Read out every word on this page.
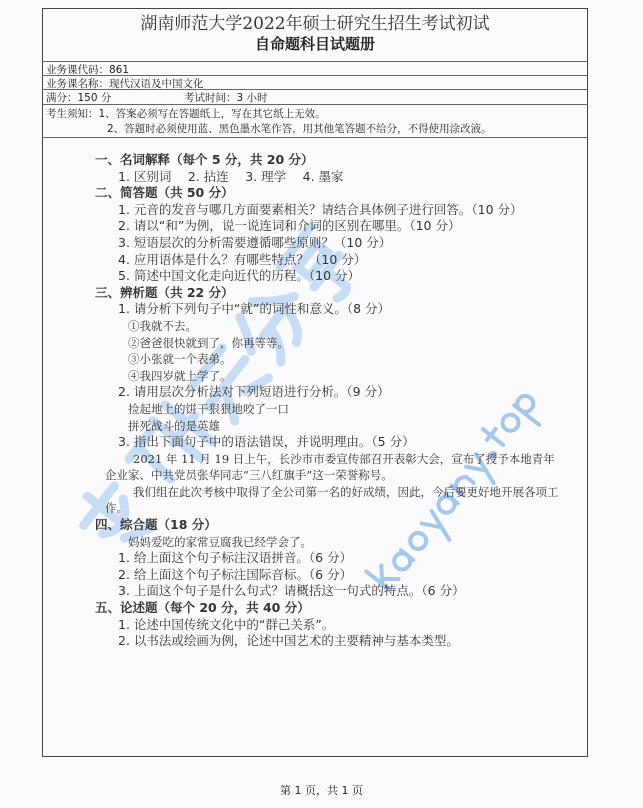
湖南师范大学2022年硕士研究生招生考试初试
自命题科目试题册
业务课代码：861
业务课名称：现代汉语及中国文化
满分：150 分	考试时间：3 小时
考生须知：1、答案必须写在答题纸上，写在其它纸上无效。
2、答题时必须使用蓝、黑色墨水笔作答，用其他笔答题不给分，不得使用涂改液。
一、名词解释（每个 5 分，共 20 分）
1. 区别词　 2. 拈连　 3. 理学　 4. 墨家
二、简答题（共 50 分）
1. 元音的发音与哪几方面要素相关？请结合具体例子进行回答。（10 分）
2. 请以“和”为例，说一说连词和介词的区别在哪里。（10 分）
3. 短语层次的分析需要遵循哪些原则？（10 分）
4. 应用语体是什么？有哪些特点？（10 分）
5. 简述中国文化走向近代的历程。（10 分）
三、辨析题（共 22 分）
1. 请分析下列句子中“就”的词性和意义。（8 分）
①我就不去。
②爸爸很快就到了，你再等等。
③小张就一个表弟。
④我四岁就上学了。
2. 请用层次分析法对下列短语进行分析。（9 分）
捡起地上的饼干狠狠地咬了一口
拼死战斗的是英雄
3. 指出下面句子中的语法错误，并说明理由。（5 分）
2021 年 11 月 19 日上午，长沙市市委宣传部召开表彰大会，宣布了授予本地青年
企业家、中共党员张华同志“三八红旗手”这一荣誉称号。
我们组在此次考核中取得了全公司第一名的好成绩，因此，今后要更好地开展各项工
作。
四、综合题（18 分）
妈妈爱吃的家常豆腐我已经学会了。
1. 给上面这个句子标注汉语拼音。（6 分）
2. 给上面这个句子标注国际音标。（6 分）
3. 上面这个句子是什么句式？请概括这一句式的特点。（6 分）
五、论述题（每个 20 分，共 40 分）
1. 论述中国传统文化中的“群己关系”。
2. 以书法或绘画为例，论述中国艺术的主要精神与基本类型。
第 1 页，共 1 页
